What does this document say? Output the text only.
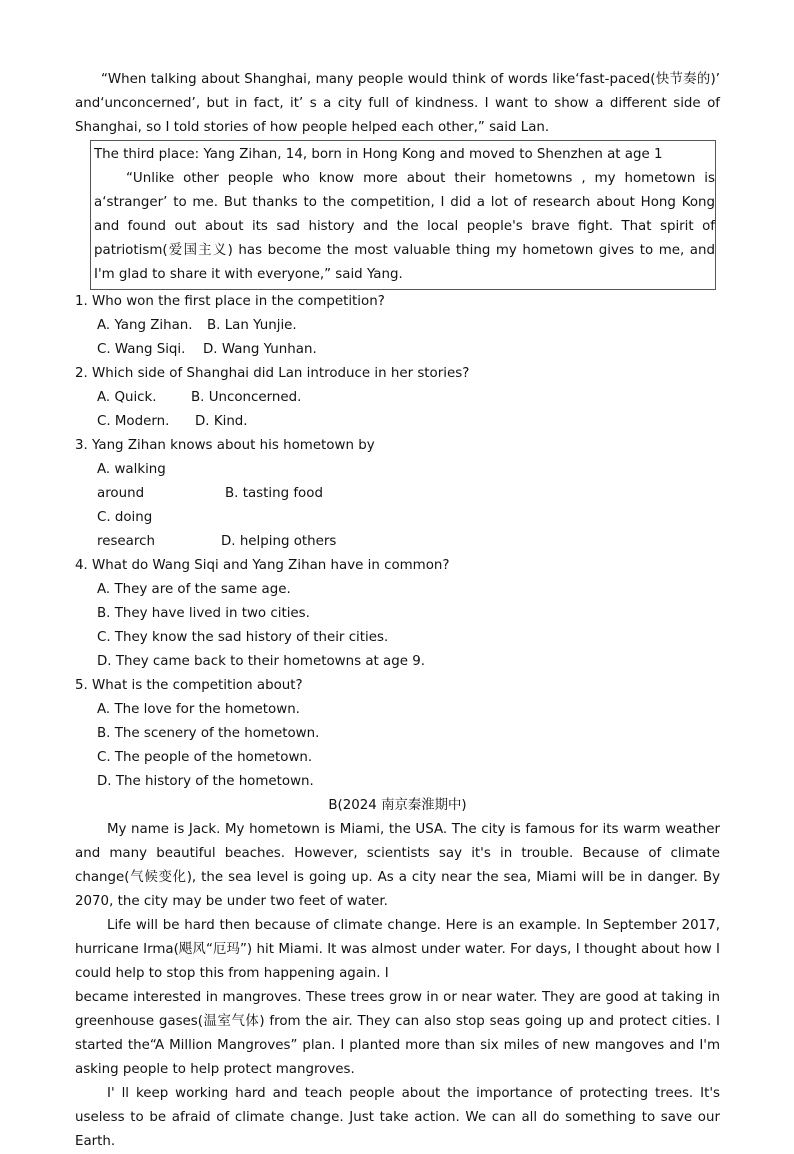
“When talking about Shanghai, many people would think of words like‘fast-paced(快节奏的)’ and‘unconcerned’, but in fact, it’ s a city full of kindness. I want to show a different side of Shanghai, so I told stories of how people helped each other,” said Lan.

The third place: Yang Zihan, 14, born in Hong Kong and moved to Shenzhen at age 1

“Unlike other people who know more about their hometowns , my hometown is a‘stranger’ to me. But thanks to the competition, I did a lot of research about Hong Kong and found out about its sad history and the local people's brave fight. That spirit of patriotism(爱国主义) has become the most valuable thing my hometown gives to me, and I'm glad to share it with everyone,” said Yang.

1. Who won the first place in the competition?

A. Yang Zihan. B. Lan Yunjie.
C. Wang Siqi. D. Wang Yunhan.

2. Which side of Shanghai did Lan introduce in her stories?

A. Quick.	B. Unconcerned.
C. Modern. D. Kind.

3. Yang Zihan knows about his hometown by

A. walking around	B. tasting food
C. doing research	D. helping others

4. What do Wang Siqi and Yang Zihan have in common?

A. They are of the same age.
B. They have lived in two cities.
C. They know the sad history of their cities.
D. They came back to their hometowns at age 9.

5. What is the competition about?

A. The love for the hometown.
B. The scenery of the hometown.
C. The people of the hometown.
D. The history of the hometown.

B(2024 南京秦淮期中)

My name is Jack. My hometown is Miami, the USA. The city is famous for its warm weather and many beautiful beaches. However, scientists say it's in trouble. Because of climate change(气候变化), the sea level is going up. As a city near the sea, Miami will be in danger. By 2070, the city may be under two feet of water.

Life will be hard then because of climate change. Here is an example. In September 2017, hurricane Irma(飓风“厄玛”) hit Miami. It was almost under water. For days, I thought about how I could help to stop this from happening again. I

became interested in mangroves. These trees grow in or near water. They are good at taking in greenhouse gases(温室气体) from the air. They can also stop seas going up and protect cities. I started the“A Million Mangroves” plan. I planted more than six miles of new mangoves and I'm asking people to help protect mangroves.

I' ll keep working hard and teach people about the importance of protecting trees. It's useless to be afraid of climate change. Just take action. We can all do something to save our Earth.
